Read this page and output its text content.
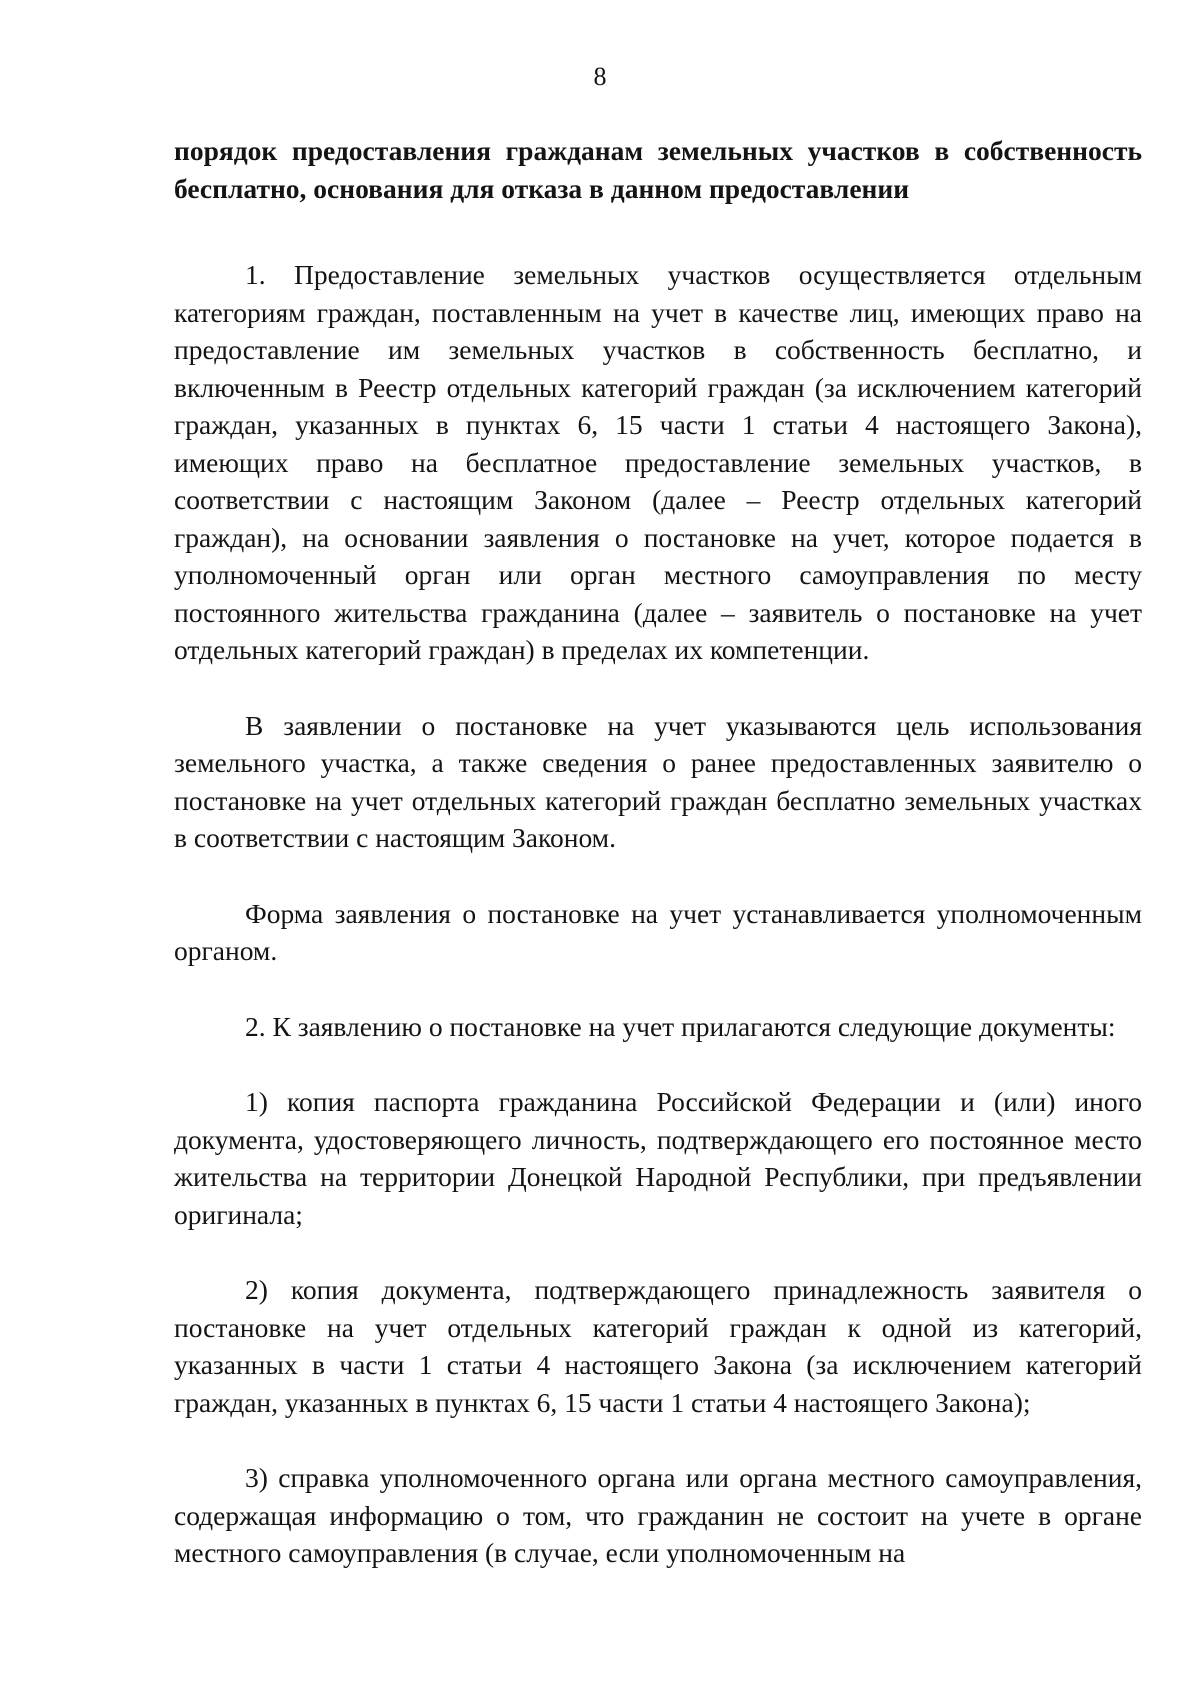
8

порядок предоставления гражданам земельных участков в собственность бесплатно, основания для отказа в данном предоставлении

1. Предоставление земельных участков осуществляется отдельным категориям граждан, поставленным на учет в качестве лиц, имеющих право на предоставление им земельных участков в собственность бесплатно, и включенным в Реестр отдельных категорий граждан (за исключением категорий граждан, указанных в пунктах 6, 15 части 1 статьи 4 настоящего Закона), имеющих право на бесплатное предоставление земельных участков, в соответствии с настоящим Законом (далее – Реестр отдельных категорий граждан), на основании заявления о постановке на учет, которое подается в уполномоченный орган или орган местного самоуправления по месту постоянного жительства гражданина (далее – заявитель о постановке на учет отдельных категорий граждан) в пределах их компетенции.

В заявлении о постановке на учет указываются цель использования земельного участка, а также сведения о ранее предоставленных заявителю о постановке на учет отдельных категорий граждан бесплатно земельных участках в соответствии с настоящим Законом.

Форма заявления о постановке на учет устанавливается уполномоченным органом.

2. К заявлению о постановке на учет прилагаются следующие документы:

1) копия паспорта гражданина Российской Федерации и (или) иного документа, удостоверяющего личность, подтверждающего его постоянное место жительства на территории Донецкой Народной Республики, при предъявлении оригинала;

2) копия документа, подтверждающего принадлежность заявителя о постановке на учет отдельных категорий граждан к одной из категорий, указанных в части 1 статьи 4 настоящего Закона (за исключением категорий граждан, указанных в пунктах 6, 15 части 1 статьи 4 настоящего Закона);

3) справка уполномоченного органа или органа местного самоуправления, содержащая информацию о том, что гражданин не состоит на учете в органе местного самоуправления (в случае, если уполномоченным на
